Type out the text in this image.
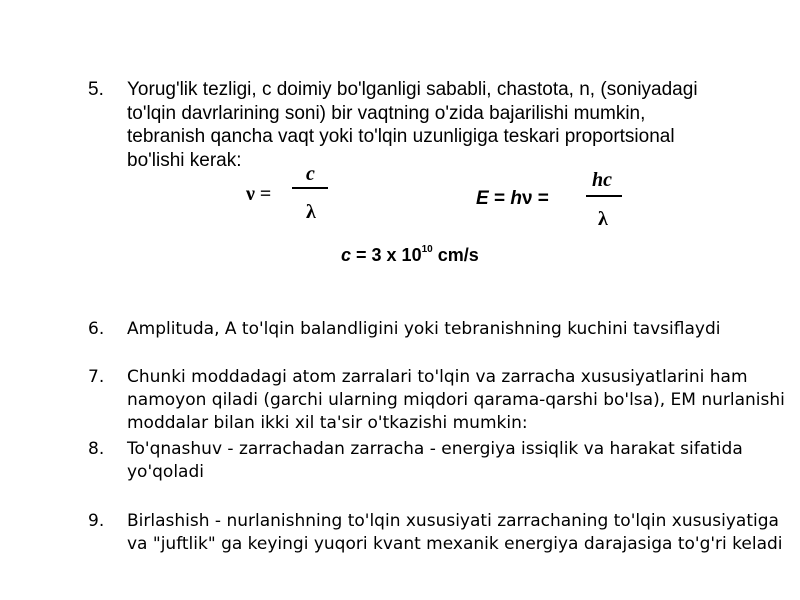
5. Yorug'lik tezligi, c doimiy bo'lganligi sababli, chastota, n, (soniyadagi
to'lqin davrlarining soni) bir vaqtning o'zida bajarilishi mumkin,
tebranish qancha vaqt yoki to'lqin uzunligiga teskari proportsional
bo'lishi kerak:
ν =
c
λ
E = hν =
hc
λ
c = 3 x $10^{10}$ cm/s
6. Amplituda, A to'lqin balandligini yoki tebranishning kuchini tavsiflaydi
7. Chunki moddadagi atom zarralari to'lqin va zarracha xususiyatlarini ham
namoyon qiladi (garchi ularning miqdori qarama-qarshi bo'lsa), EM nurlanishi
moddalar bilan ikki xil ta'sir o'tkazishi mumkin:
8. To'qnashuv - zarrachadan zarracha - energiya issiqlik va harakat sifatida
yo'qoladi
9. Birlashish - nurlanishning to'lqin xususiyati zarrachaning to'lqin xususiyatiga
va "juftlik" ga keyingi yuqori kvant mexanik energiya darajasiga to'g'ri keladi
